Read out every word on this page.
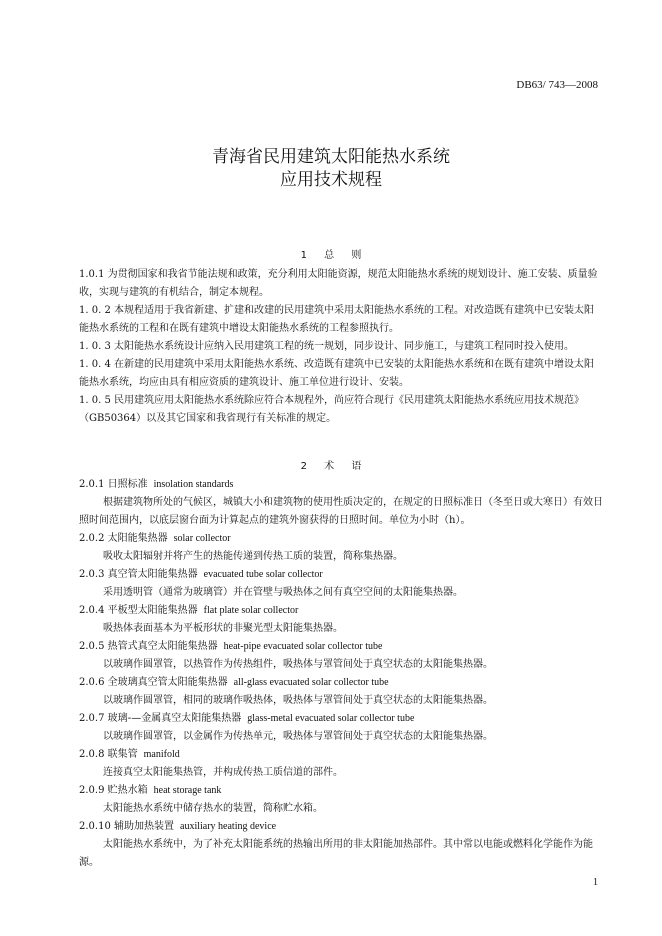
DB63/ 743—2008
青海省民用建筑太阳能热水系统
应用技术规程
1 总 则

1.0.1 为贯彻国家和我省节能法规和政策，充分利用太阳能资源，规范太阳能热水系统的规划设计、施工安装、质量验收，实现与建筑的有机结合，制定本规程。

1. 0. 2 本规程适用于我省新建、扩建和改建的民用建筑中采用太阳能热水系统的工程。对改造既有建筑中已安装太阳能热水系统的工程和在既有建筑中增设太阳能热水系统的工程参照执行。

1. 0. 3 太阳能热水系统设计应纳入民用建筑工程的统一规划，同步设计、同步施工，与建筑工程同时投入使用。

1. 0. 4 在新建的民用建筑中采用太阳能热水系统、改造既有建筑中已安装的太阳能热水系统和在既有建筑中增设太阳能热水系统，均应由具有相应资质的建筑设计、施工单位进行设计、安装。

1. 0. 5 民用建筑应用太阳能热水系统除应符合本规程外，尚应符合现行《民用建筑太阳能热水系统应用技术规范》（GB50364）以及其它国家和我省现行有关标准的规定。

2 术 语

2.0.1 日照标准 insolation standards

根据建筑物所处的气候区，城镇大小和建筑物的使用性质决定的，在规定的日照标准日（冬至日或大寒日）有效日照时间范围内，以底层窗台面为计算起点的建筑外窗获得的日照时间。单位为小时（h）。

2.0.2 太阳能集热器 solar collector

吸收太阳辐射并将产生的热能传递到传热工质的装置，简称集热器。

2.0.3 真空管太阳能集热器 evacuated tube solar collector

采用透明管（通常为玻璃管）并在管壁与吸热体之间有真空空间的太阳能集热器。

2.0.4 平板型太阳能集热器 flat plate solar collector

吸热体表面基本为平板形状的非聚光型太阳能集热器。

2.0.5 热管式真空太阳能集热器 heat-pipe evacuated solar collector tube

以玻璃作圆罩管，以热管作为传热组件，吸热体与罩管间处于真空状态的太阳能集热器。

2.0.6 全玻璃真空管太阳能集热器 all-glass evacuated solar collector tube

以玻璃作圆罩管，相同的玻璃作吸热体，吸热体与罩管间处于真空状态的太阳能集热器。

2.0.7 玻璃-—金属真空太阳能集热器 glass-metal evacuated solar collector tube

以玻璃作圆罩管，以金属作为传热单元，吸热体与罩管间处于真空状态的太阳能集热器。

2.0.8 联集管 manifold

连接真空太阳能集热管，并构成传热工质信道的部件。

2.0.9 贮热水箱 heat storage tank

太阳能热水系统中储存热水的装置，简称贮水箱。

2.0.10 辅助加热装置 auxiliary heating device

太阳能热水系统中，为了补充太阳能系统的热输出所用的非太阳能加热部件。其中常以电能或燃料化学能作为能源。

1
